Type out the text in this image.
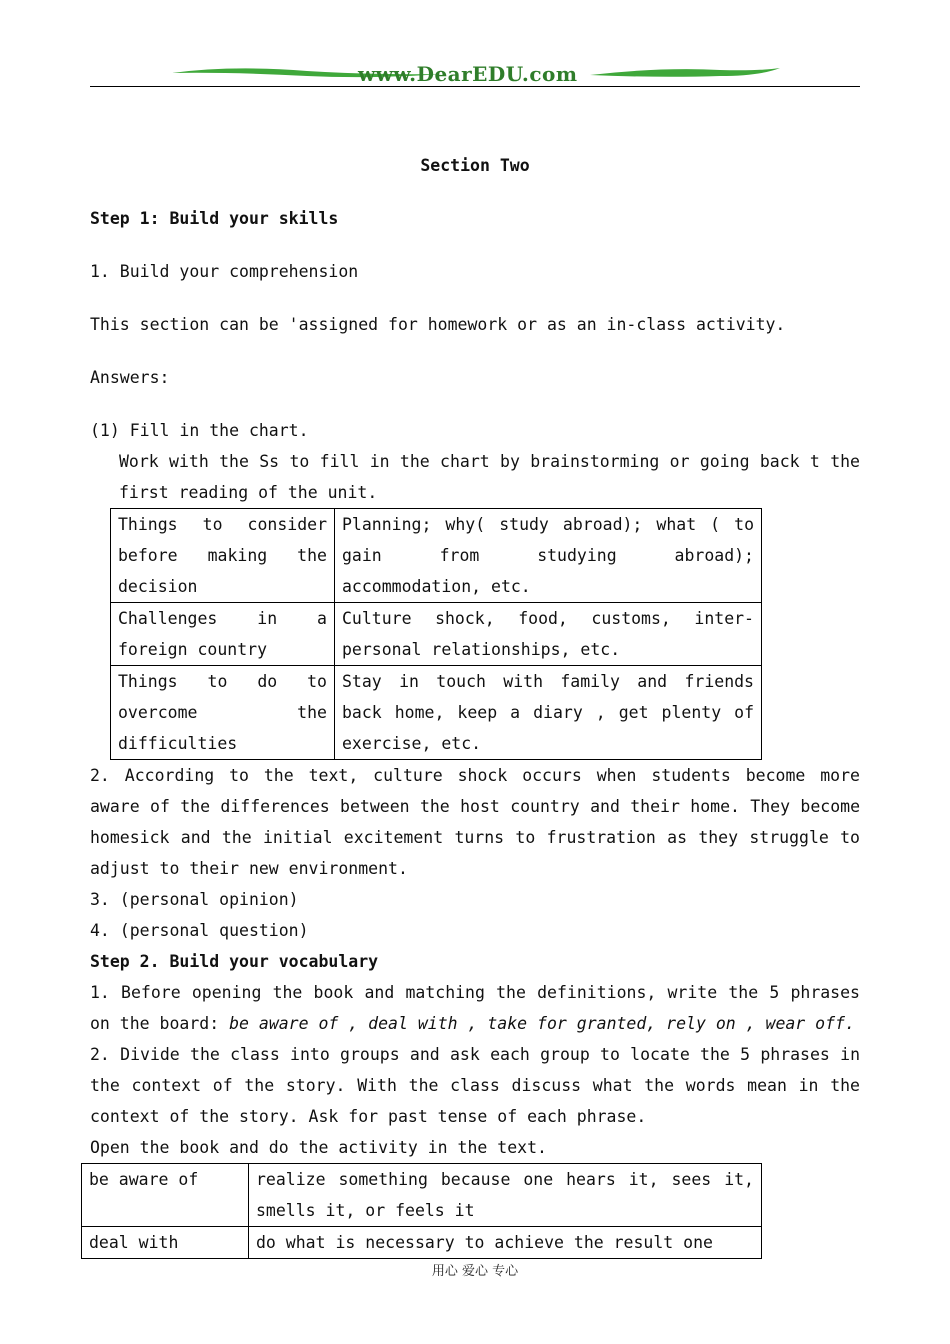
www.DearEDU.com

Section Two

Step 1: Build your skills

1. Build your comprehension

This section can be 'assigned for homework or as an in-class activity.

Answers:

(1) Fill in the chart.

Work with the Ss to fill in the chart by brainstorming or going back t the first reading of the unit.

Things to consider before making the decision	Planning; why( study abroad); what ( to gain from studying abroad); accommodation, etc.
Challenges in a foreign country	Culture shock, food, customs, inter-personal relationships, etc.
Things to do to overcome the difficulties	Stay in touch with family and friends back home, keep a diary , get plenty of exercise, etc.

2. According to the text, culture shock occurs when students become more aware of the differences between the host country and their home. They become homesick and the initial excitement turns to frustration as they struggle to adjust to their new environment.

3. (personal opinion)

4. (personal question)

Step 2. Build your vocabulary

1. Before opening the book and matching the definitions, write the 5 phrases on the board: be aware of , deal with , take for granted, rely on , wear off.

2. Divide the class into groups and ask each group to locate the 5 phrases in the context of the story. With the class discuss what the words mean in the context of the story. Ask for past tense of each phrase.

Open the book and do the activity in the text.

be aware of	realize something because one hears it, sees it, smells it, or feels it
deal with	do what is necessary to achieve the result one
用心 爱心 专心
